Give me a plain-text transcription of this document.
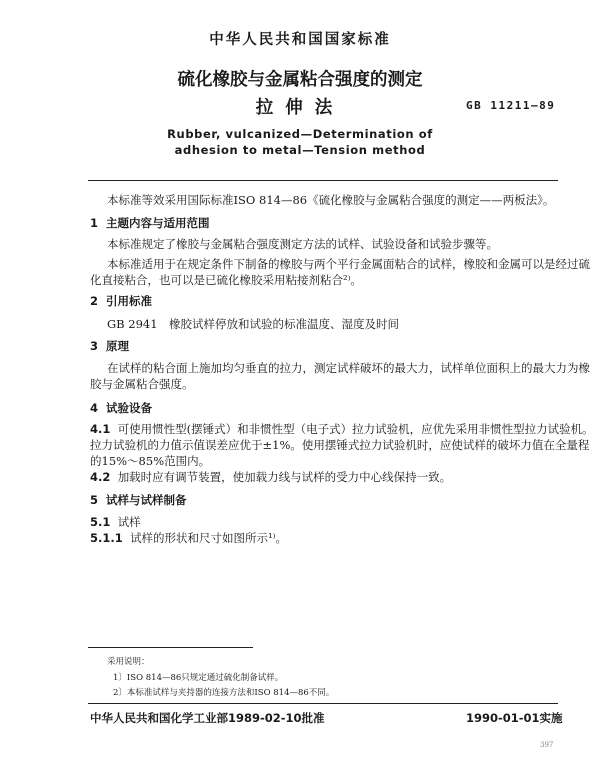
中华人民共和国国家标准
硫化橡胶与金属粘合强度的测定
拉伸法	GB 11211—89
Rubber, vulcanized—Determination of
adhesion to metal—Tension method
本标准等效采用国际标准ISO 814—86《硫化橡胶与金属粘合强度的测定——两板法》。
1 主题内容与适用范围
本标准规定了橡胶与金属粘合强度测定方法的试样、试验设备和试验步骤等。
本标准适用于在规定条件下制备的橡胶与两个平行金属面粘合的试样，橡胶和金属可以是经过硫
化直接粘合，也可以是已硫化橡胶采用粘接剂粘合²⁾。
2 引用标准
GB 2941　橡胶试样停放和试验的标准温度、湿度及时间
3 原理
在试样的粘合面上施加均匀垂直的拉力，测定试样破坏的最大力，试样单位面积上的最大力为橡
胶与金属粘合强度。
4 试验设备
4.1 可使用惯性型(摆锤式）和非惯性型（电子式）拉力试验机，应优先采用非惯性型拉力试验机。
拉力试验机的力值示值误差应优于±1%。使用摆锤式拉力试验机时，应使试样的破坏力值在全量程
的15%～85%范围内。
4.2 加载时应有调节装置，使加载力线与试样的受力中心线保持一致。
5 试样与试样制备
5.1 试样
5.1.1 试样的形状和尺寸如图所示¹⁾。
采用说明：
1〕ISO 814—86只规定通过硫化制备试样。
2〕本标准试样与夹持器的连接方法和ISO 814—86不同。
中华人民共和国化学工业部1989-02-10批准	1990-01-01实施
397
